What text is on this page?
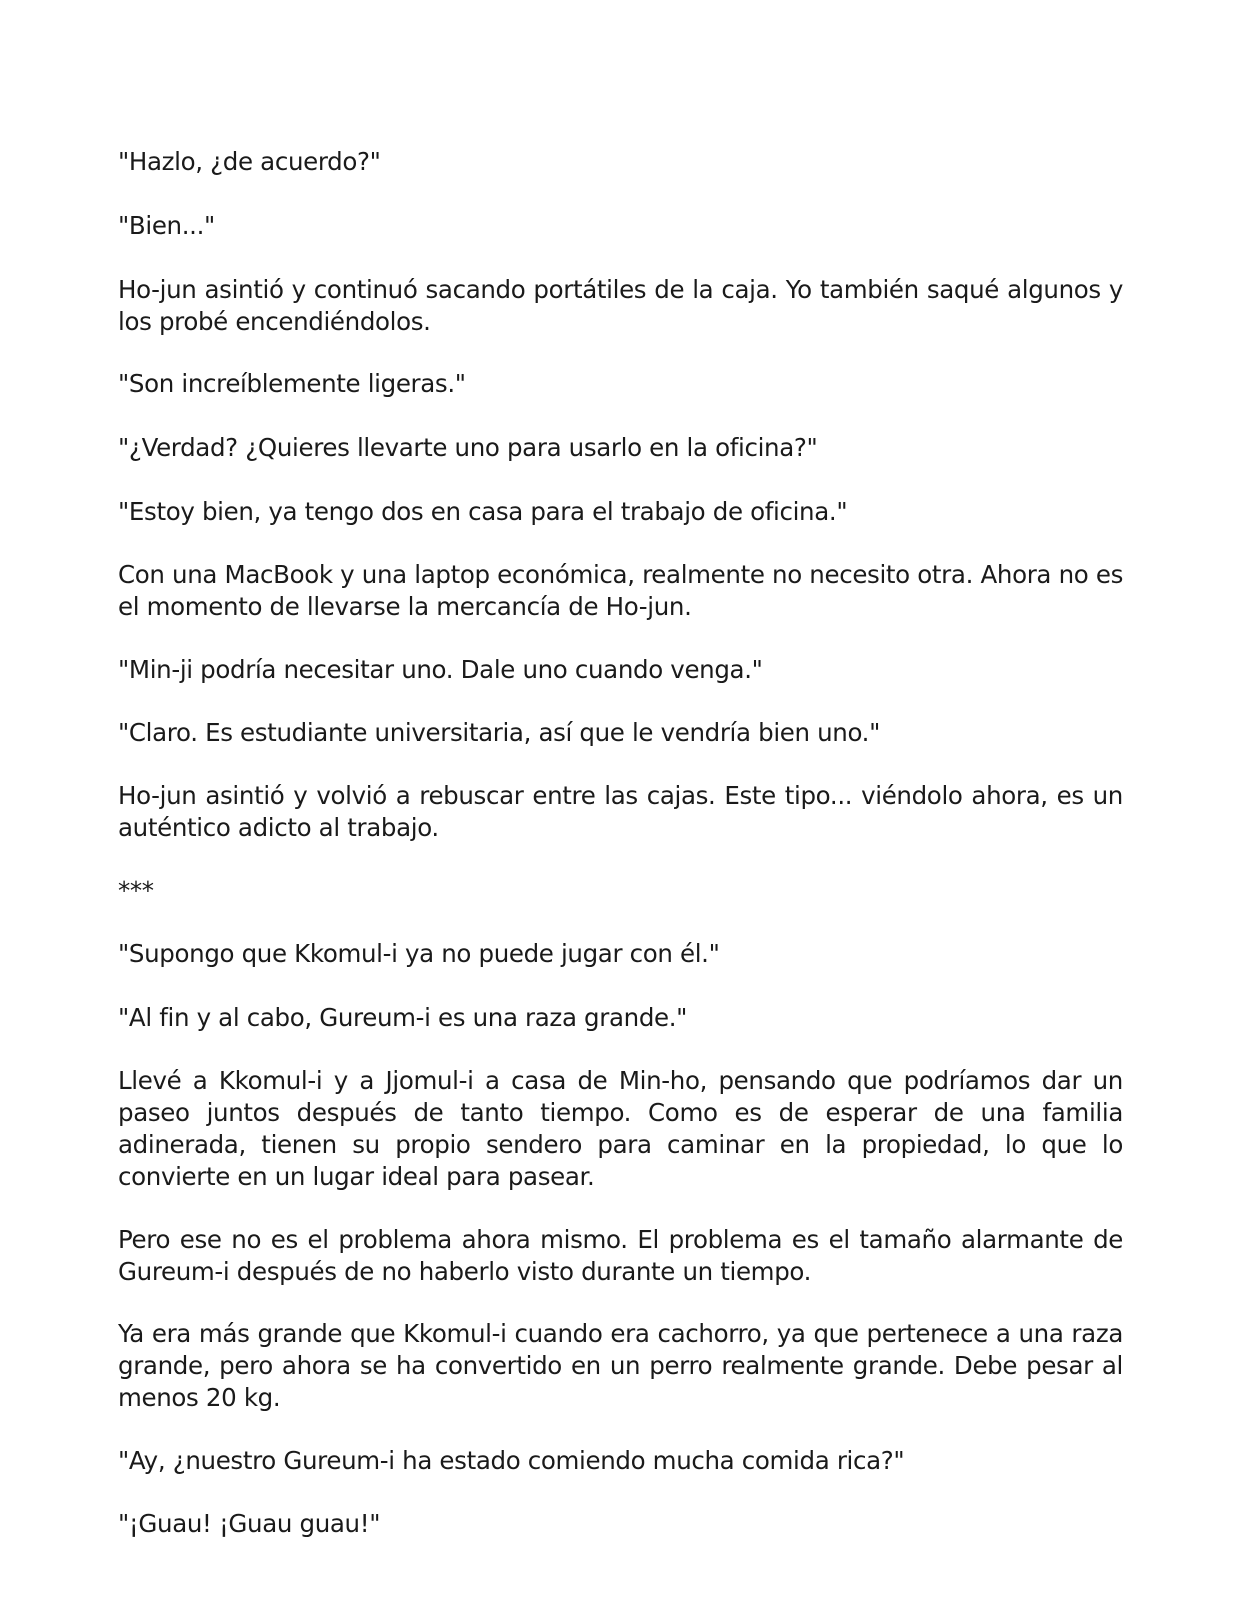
"Hazlo, ¿de acuerdo?"

"Bien..."

Ho-jun asintió y continuó sacando portátiles de la caja. Yo también saqué algunos y los probé encendiéndolos.

"Son increíblemente ligeras."

"¿Verdad? ¿Quieres llevarte uno para usarlo en la oficina?"

"Estoy bien, ya tengo dos en casa para el trabajo de oficina."

Con una MacBook y una laptop económica, realmente no necesito otra. Ahora no es el momento de llevarse la mercancía de Ho-jun.

"Min-ji podría necesitar uno. Dale uno cuando venga."

"Claro. Es estudiante universitaria, así que le vendría bien uno."

Ho-jun asintió y volvió a rebuscar entre las cajas. Este tipo... viéndolo ahora, es un auténtico adicto al trabajo.

***

"Supongo que Kkomul-i ya no puede jugar con él."

"Al fin y al cabo, Gureum-i es una raza grande."

Llevé a Kkomul-i y a Jjomul-i a casa de Min-ho, pensando que podríamos dar un paseo juntos después de tanto tiempo. Como es de esperar de una familia adinerada, tienen su propio sendero para caminar en la propiedad, lo que lo convierte en un lugar ideal para pasear.

Pero ese no es el problema ahora mismo. El problema es el tamaño alarmante de Gureum-i después de no haberlo visto durante un tiempo.

Ya era más grande que Kkomul-i cuando era cachorro, ya que pertenece a una raza grande, pero ahora se ha convertido en un perro realmente grande. Debe pesar al menos 20 kg.

"Ay, ¿nuestro Gureum-i ha estado comiendo mucha comida rica?"

"¡Guau! ¡Guau guau!"
